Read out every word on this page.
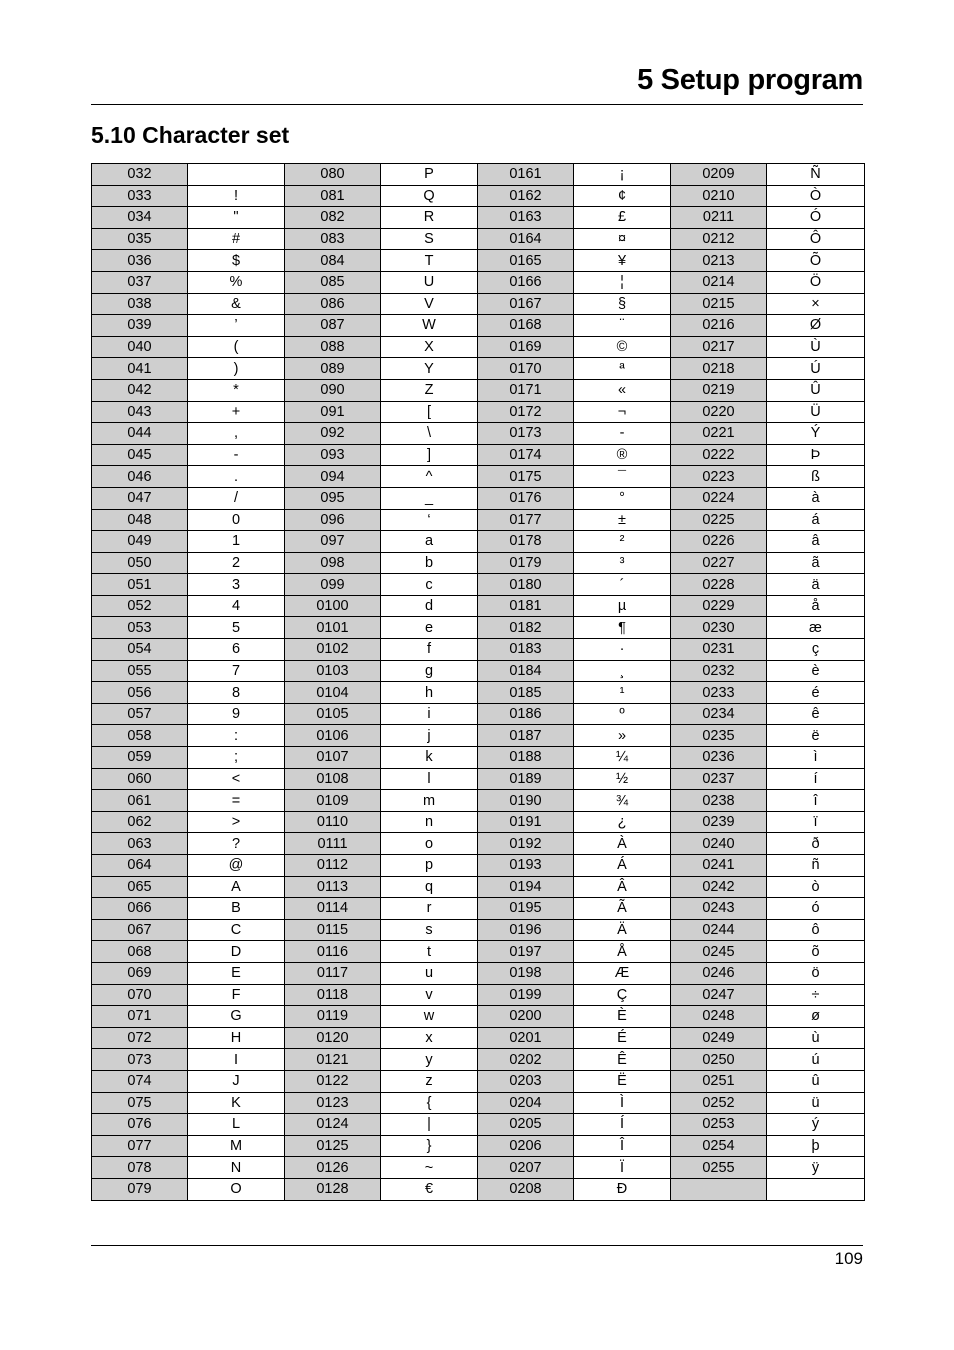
5 Setup program
5.10 Character set
032		080	P	0161	¡	0209	Ñ
033	!	081	Q	0162	¢	0210	Ò
034	"	082	R	0163	£	0211	Ó
035	#	083	S	0164	¤	0212	Ô
036	$	084	T	0165	¥	0213	Õ
037	%	085	U	0166	¦	0214	Ö
038	&	086	V	0167	§	0215	×
039	’	087	W	0168	¨	0216	Ø
040	(	088	X	0169	©	0217	Ù
041	)	089	Y	0170	ª	0218	Ú
042	*	090	Z	0171	«	0219	Û
043	+	091	[	0172	¬	0220	Ü
044	,	092	\	0173	-	0221	Ý
045	-	093	]	0174	®	0222	Þ
046	.	094	^	0175	¯	0223	ß
047	/	095	_	0176	°	0224	à
048	0	096	‘	0177	±	0225	á
049	1	097	a	0178	²	0226	â
050	2	098	b	0179	³	0227	ã
051	3	099	c	0180	´	0228	ä
052	4	0100	d	0181	µ	0229	å
053	5	0101	e	0182	¶	0230	æ
054	6	0102	f	0183	·	0231	ç
055	7	0103	g	0184	¸	0232	è
056	8	0104	h	0185	¹	0233	é
057	9	0105	i	0186	º	0234	ê
058	:	0106	j	0187	»	0235	ë
059	;	0107	k	0188	¼	0236	ì
060	<	0108	l	0189	½	0237	í
061	=	0109	m	0190	¾	0238	î
062	>	0110	n	0191	¿	0239	ï
063	?	0111	o	0192	À	0240	ð
064	@	0112	p	0193	Á	0241	ñ
065	A	0113	q	0194	Â	0242	ò
066	B	0114	r	0195	Ã	0243	ó
067	C	0115	s	0196	Ä	0244	ô
068	D	0116	t	0197	Å	0245	õ
069	E	0117	u	0198	Æ	0246	ö
070	F	0118	v	0199	Ç	0247	÷
071	G	0119	w	0200	È	0248	ø
072	H	0120	x	0201	É	0249	ù
073	I	0121	y	0202	Ê	0250	ú
074	J	0122	z	0203	Ë	0251	û
075	K	0123	{	0204	Ì	0252	ü
076	L	0124	|	0205	Í	0253	ý
077	M	0125	}	0206	Î	0254	þ
078	N	0126	~	0207	Ï	0255	ÿ
079	O	0128	€	0208	Ð		
109
